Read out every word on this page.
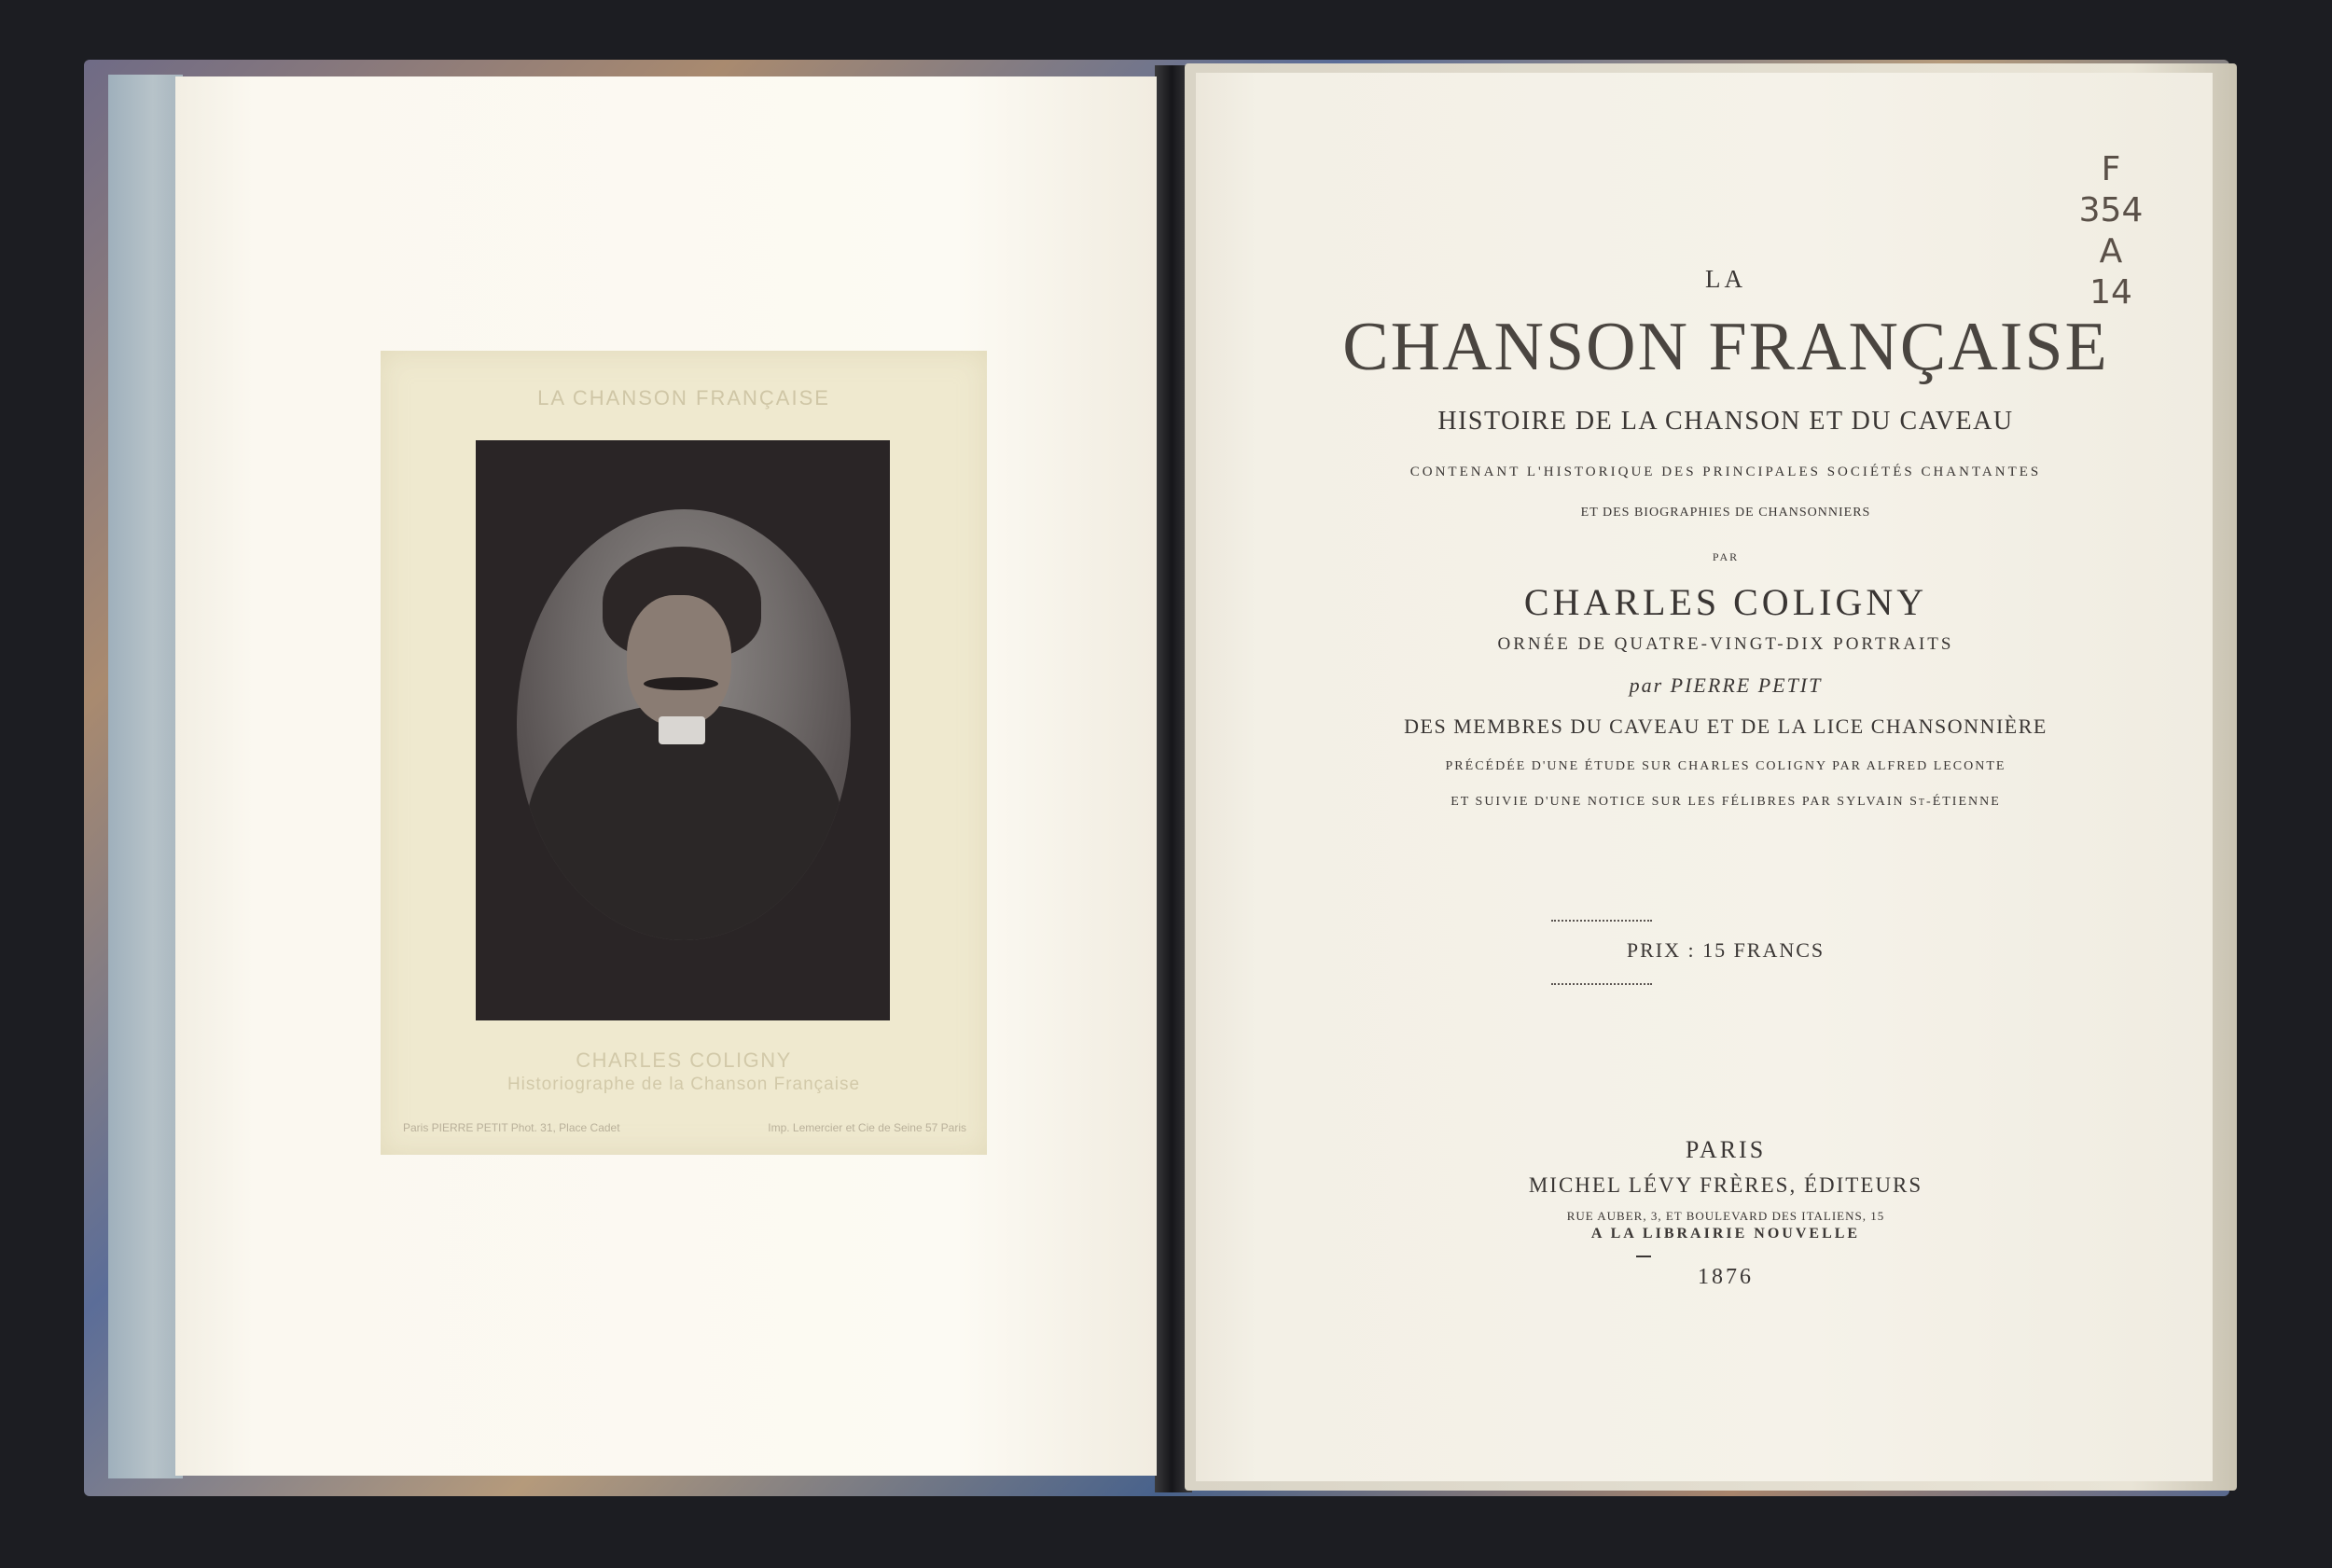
LA CHANSON FRANÇAISE
CHARLES COLIGNY
Historiographe de la Chanson Française
Paris PIERRE PETIT Phot. 31, Place Cadet	Imp. Lemercier et Cie de Seine 57 Paris
LA
CHANSON FRANÇAISE
HISTOIRE DE LA CHANSON ET DU CAVEAU
CONTENANT L'HISTORIQUE DES PRINCIPALES SOCIÉTÉS CHANTANTES
ET DES BIOGRAPHIES DE CHANSONNIERS
PAR
CHARLES COLIGNY
ORNÉE DE QUATRE-VINGT-DIX PORTRAITS
par PIERRE PETIT
DES MEMBRES DU CAVEAU ET DE LA LICE CHANSONNIÈRE
PRÉCÉDÉE D'UNE ÉTUDE SUR CHARLES COLIGNY PAR ALFRED LECONTE
ET SUIVIE D'UNE NOTICE SUR LES FÉLIBRES PAR SYLVAIN St-ÉTIENNE
PRIX : 15 FRANCS
PARIS
MICHEL LÉVY FRÈRES, ÉDITEURS
RUE AUBER, 3, ET BOULEVARD DES ITALIENS, 15
A LA LIBRAIRIE NOUVELLE
1876
F
354
A
14
